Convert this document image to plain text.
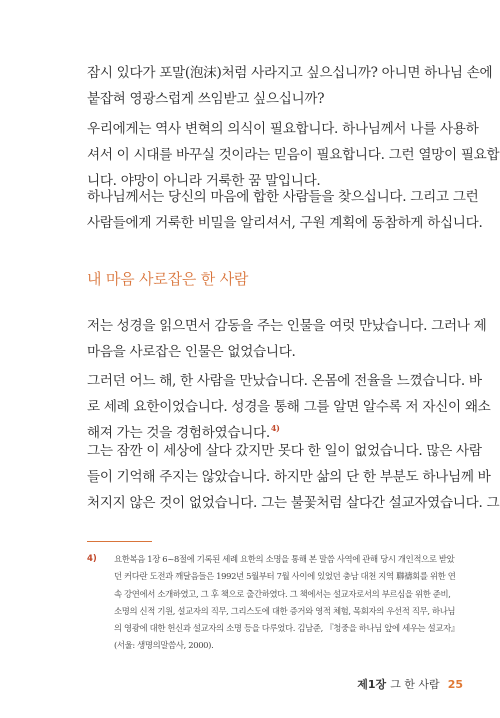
잠시 있다가 포말(泡沫)처럼 사라지고 싶으십니까? 아니면 하나님 손에
붙잡혀 영광스럽게 쓰임받고 싶으십니까?
우리에게는 역사 변혁의 의식이 필요합니다. 하나님께서 나를 사용하
셔서 이 시대를 바꾸실 것이라는 믿음이 필요합니다. 그런 열망이 필요합
니다. 야망이 아니라 거룩한 꿈 말입니다.
하나님께서는 당신의 마음에 합한 사람들을 찾으십니다. 그리고 그런
사람들에게 거룩한 비밀을 알리셔서, 구원 계획에 동참하게 하십니다.
내 마음 사로잡은 한 사람
저는 성경을 읽으면서 감동을 주는 인물을 여럿 만났습니다. 그러나 제
마음을 사로잡은 인물은 없었습니다.
그러던 어느 해, 한 사람을 만났습니다. 온몸에 전율을 느꼈습니다. 바
로 세례 요한이었습니다. 성경을 통해 그를 알면 알수록 저 자신이 왜소
해져 가는 것을 경험하였습니다.$^{4)}$
그는 잠깐 이 세상에 살다 갔지만 못다 한 일이 없었습니다. 많은 사람
들이 기억해 주지는 않았습니다. 하지만 삶의 단 한 부분도 하나님께 바
처지지 않은 것이 없었습니다. 그는 불꽃처럼 살다간 설교자였습니다. 그
4) 요한복음 1장 6~8절에 기록된 세례 요한의 소명을 통해 본 말씀 사역에 관해 당시 개인적으로 받았
던 커다란 도전과 깨달음들은 1992년 5월부터 7월 사이에 있었던 충남 대천 지역 聯禱회를 위한 연
속 강연에서 소개하였고, 그 후 책으로 출간하였다. 그 책에서는 설교자로서의 부르심을 위한 준비,
소명의 신적 기원, 설교자의 직무, 그리스도에 대한 증거와 영적 체험, 목회자의 우선적 직무, 하나님
의 영광에 대한 헌신과 설교자의 소명 등을 다루었다. 김남준, 『청중을 하나님 앞에 세우는 설교자』
(서울: 생명의말씀사, 2000).
제1장 그 한 사람 25
